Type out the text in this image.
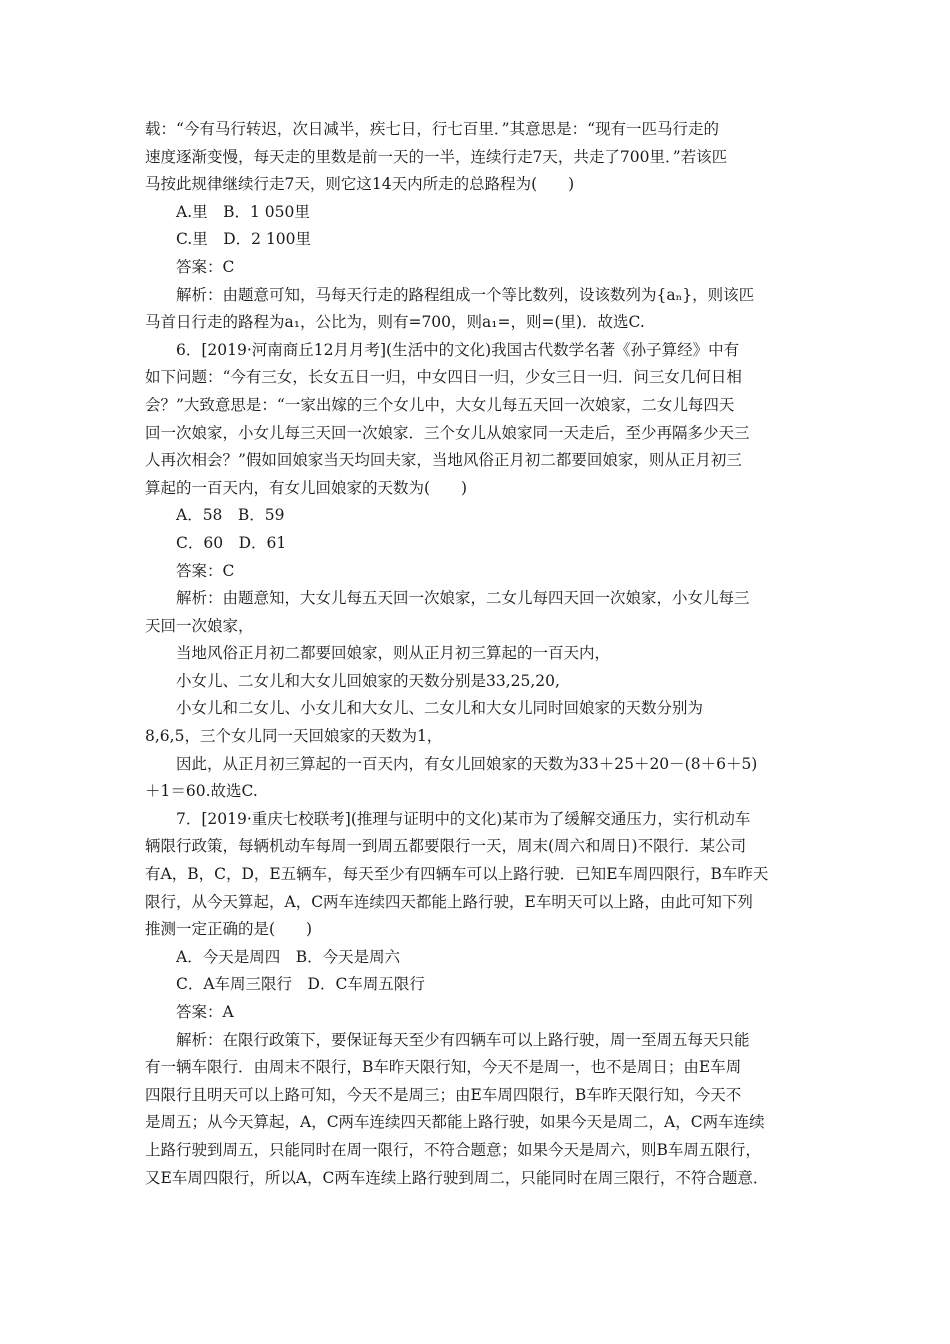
载：“今有马行转迟，次日减半，疾七日，行七百里．”其意思是：“现有一匹马行走的
速度逐渐变慢，每天走的里数是前一天的一半，连续行走7天，共走了700里．”若该匹
马按此规律继续行走7天，则它这14天内所走的总路程为(　　)
A.里　B．1 050里
C.里　D．2 100里
答案：C
解析：由题意可知，马每天行走的路程组成一个等比数列，设该数列为{aₙ}，则该匹
马首日行走的路程为a₁，公比为，则有=700，则a₁=，则=(里)．故选C.
6．[2019·河南商丘12月月考](生活中的文化)我国古代数学名著《孙子算经》中有
如下问题：“今有三女，长女五日一归，中女四日一归，少女三日一归．问三女几何日相
会？”大致意思是：“一家出嫁的三个女儿中，大女儿每五天回一次娘家，二女儿每四天
回一次娘家，小女儿每三天回一次娘家．三个女儿从娘家同一天走后，至少再隔多少天三
人再次相会？”假如回娘家当天均回夫家，当地风俗正月初二都要回娘家，则从正月初三
算起的一百天内，有女儿回娘家的天数为(　　)
A．58　B．59
C．60　D．61
答案：C
解析：由题意知，大女儿每五天回一次娘家，二女儿每四天回一次娘家，小女儿每三
天回一次娘家，
当地风俗正月初二都要回娘家，则从正月初三算起的一百天内，
小女儿、二女儿和大女儿回娘家的天数分别是33,25,20,
小女儿和二女儿、小女儿和大女儿、二女儿和大女儿同时回娘家的天数分别为
8,6,5，三个女儿同一天回娘家的天数为1，
因此，从正月初三算起的一百天内，有女儿回娘家的天数为33＋25＋20－(8＋6＋5)
＋1＝60.故选C.
7．[2019·重庆七校联考](推理与证明中的文化)某市为了缓解交通压力，实行机动车
辆限行政策，每辆机动车每周一到周五都要限行一天，周末(周六和周日)不限行．某公司
有A，B，C，D，E五辆车，每天至少有四辆车可以上路行驶．已知E车周四限行，B车昨天
限行，从今天算起，A，C两车连续四天都能上路行驶，E车明天可以上路，由此可知下列
推测一定正确的是(　　)
A．今天是周四　B．今天是周六
C．A车周三限行　D．C车周五限行
答案：A
解析：在限行政策下，要保证每天至少有四辆车可以上路行驶，周一至周五每天只能
有一辆车限行．由周末不限行，B车昨天限行知，今天不是周一，也不是周日；由E车周
四限行且明天可以上路可知，今天不是周三；由E车周四限行，B车昨天限行知，今天不
是周五；从今天算起，A，C两车连续四天都能上路行驶，如果今天是周二，A，C两车连续
上路行驶到周五，只能同时在周一限行，不符合题意；如果今天是周六，则B车周五限行，
又E车周四限行，所以A，C两车连续上路行驶到周二，只能同时在周三限行，不符合题意．
